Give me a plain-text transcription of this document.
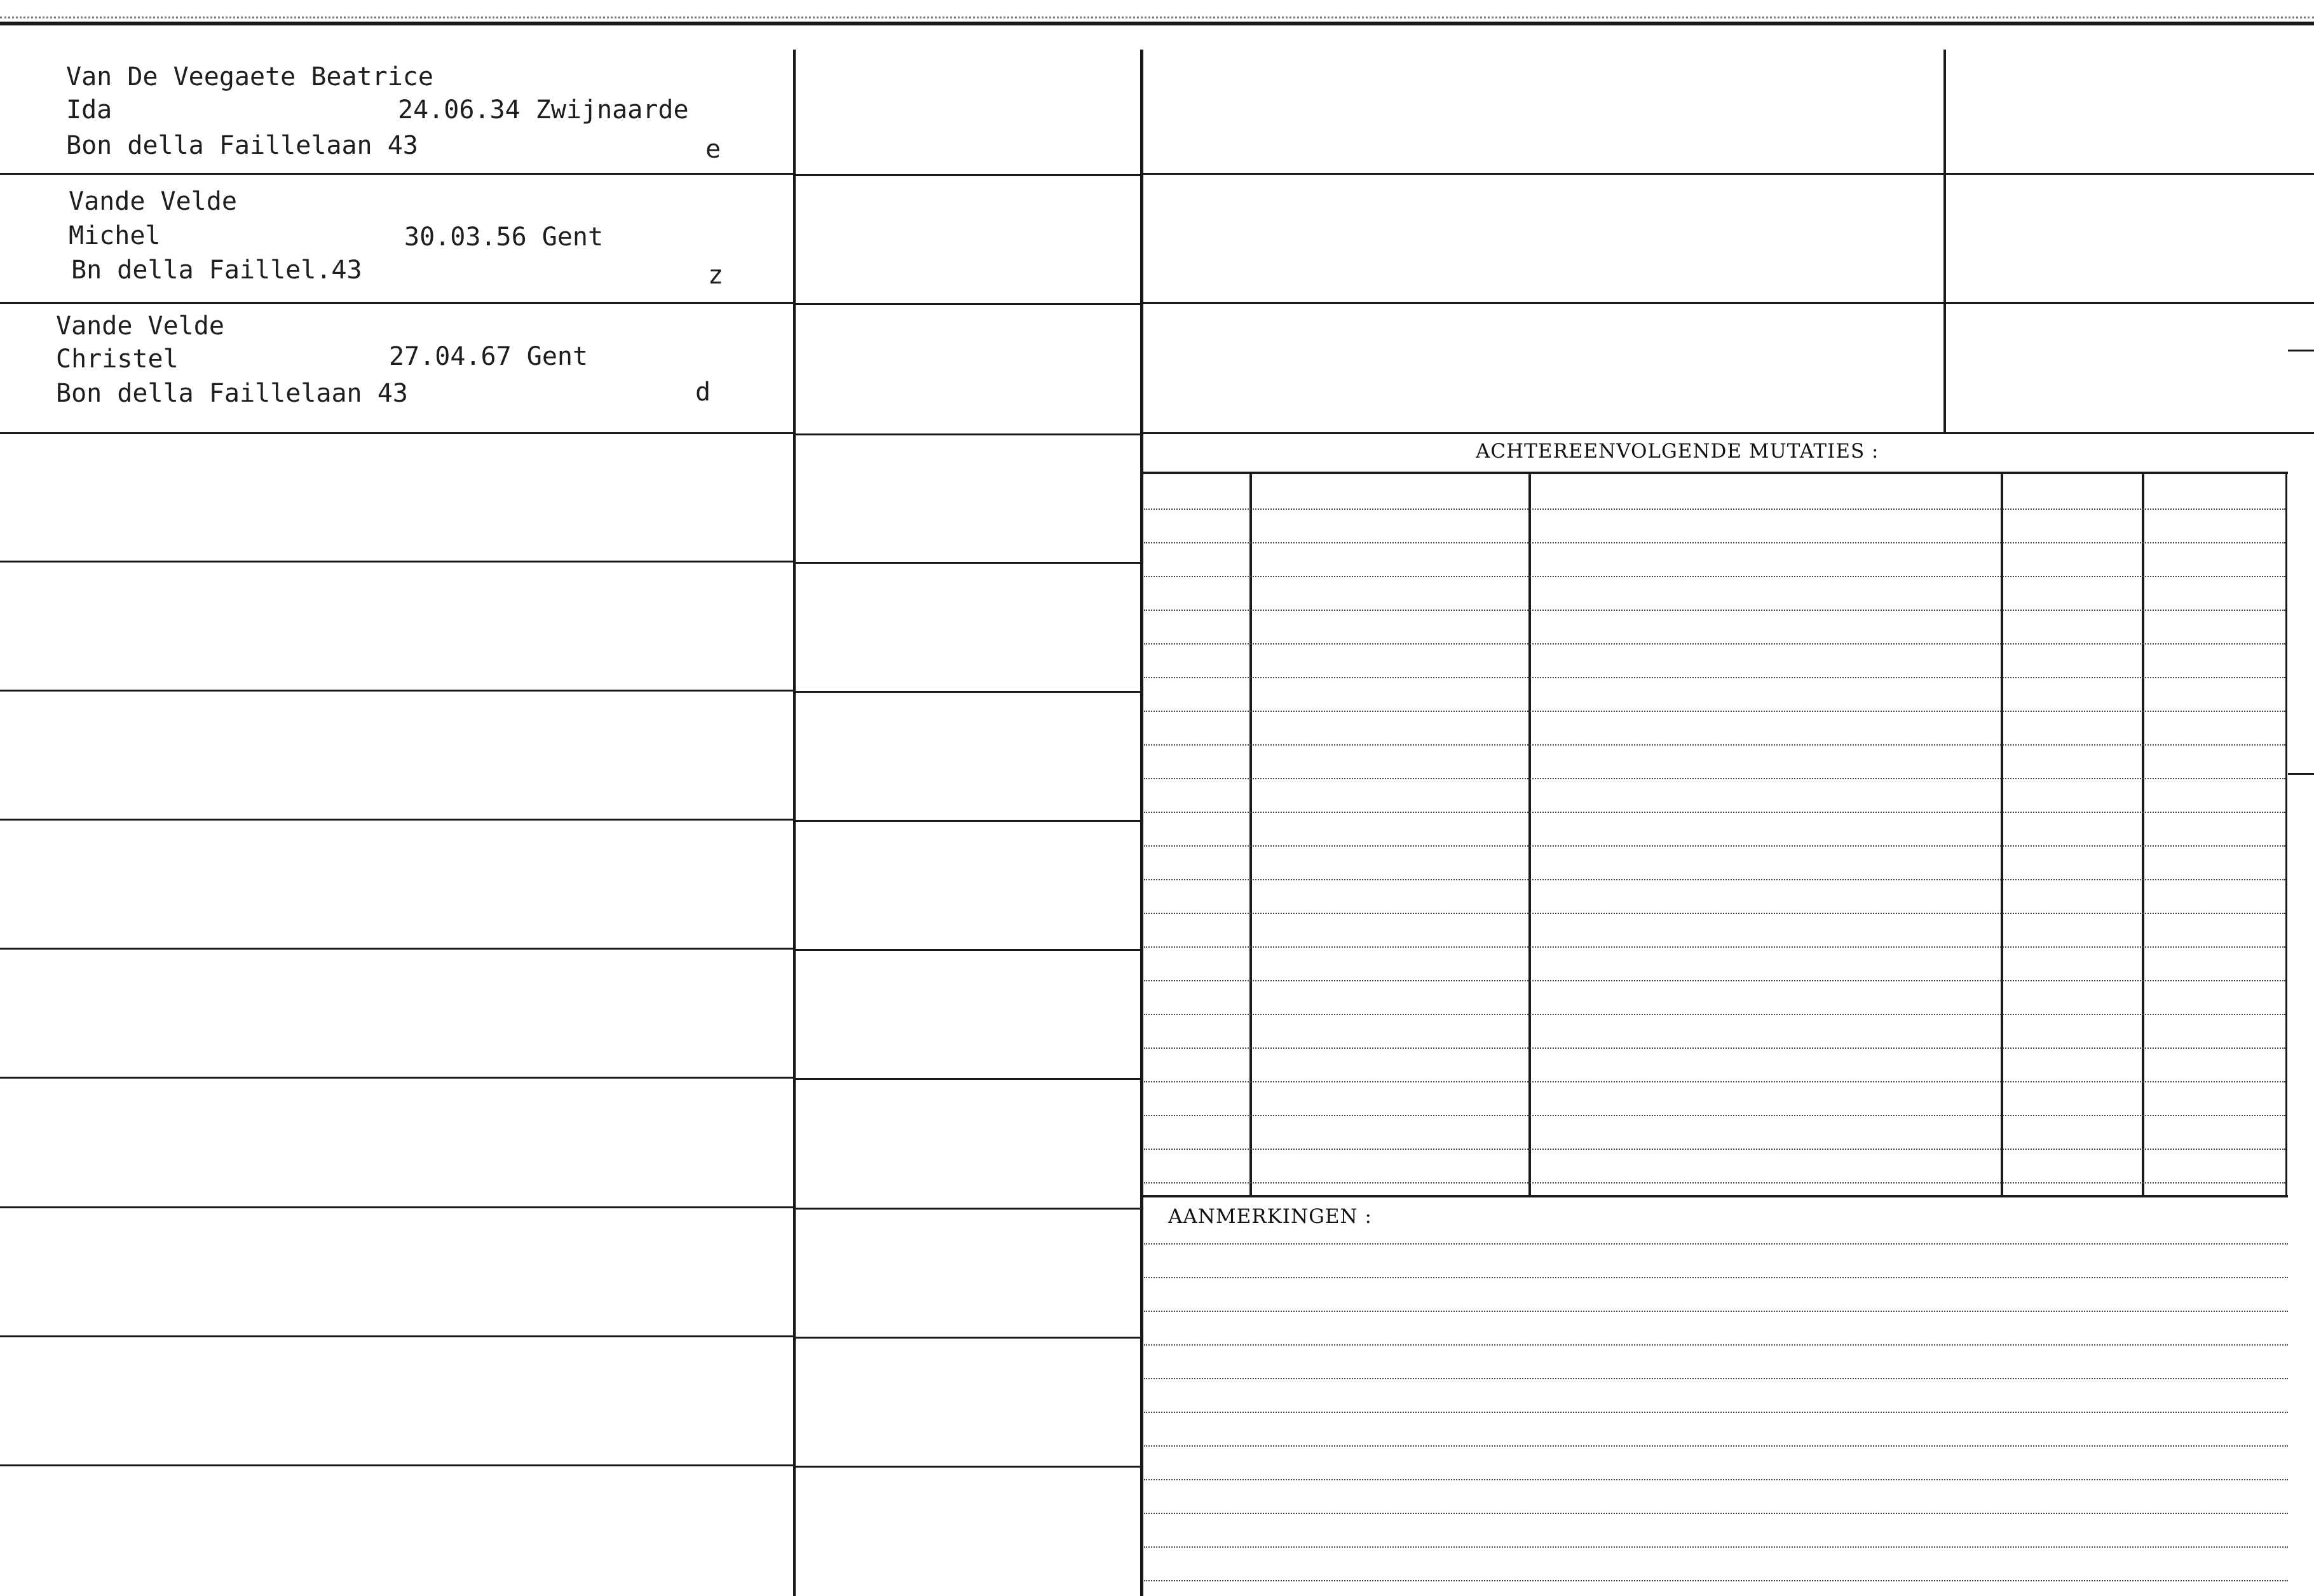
Van De Veegaete Beatrice
Ida	24.06.34 Zwijnaarde
Bon della Faillelaan 43	e
Vande Velde
Michel	30.03.56 Gent
Bn della Faillel.43	z
Vande Velde
Christel	27.04.67 Gent
Bon della Faillelaan 43	d
ACHTEREENVOLGENDE MUTATIES :
AANMERKINGEN :
